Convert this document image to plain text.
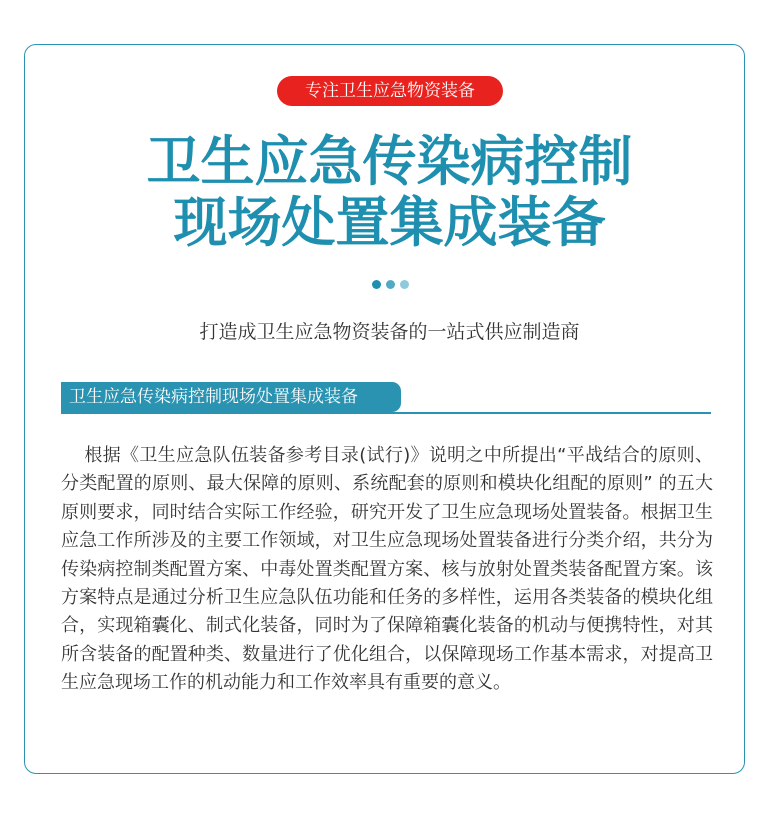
专注卫生应急物资装备
卫生应急传染病控制
现场处置集成装备
打造成卫生应急物资装备的一站式供应制造商
卫生应急传染病控制现场处置集成装备
根据《卫生应急队伍装备参考目录(试行)》说明之中所提出“平战结合的原则、分类配置的原则、最大保障的原则、系统配套的原则和模块化组配的原则” 的五大原则要求，同时结合实际工作经验，研究开发了卫生应急现场处置装备。根据卫生应急工作所涉及的主要工作领域，对卫生应急现场处置装备进行分类介绍，共分为传染病控制类配置方案、中毒处置类配置方案、核与放射处置类装备配置方案。该方案特点是通过分析卫生应急队伍功能和任务的多样性，运用各类装备的模块化组合，实现箱囊化、制式化装备，同时为了保障箱囊化装备的机动与便携特性，对其所含装备的配置种类、数量进行了优化组合，以保障现场工作基本需求，对提高卫生应急现场工作的机动能力和工作效率具有重要的意义。
